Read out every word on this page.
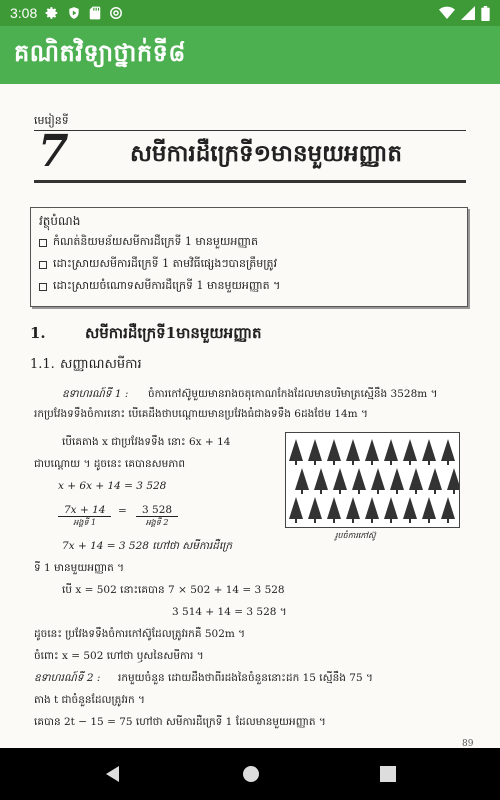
3:08
គណិតវិទ្យាថ្នាក់ទី៨
មេរៀនទី
7	សមីការដឺក្រេទី១មានមួយអញ្ញាត
វត្ថុបំណង
កំណត់និយមន័យសមីការដឺក្រេទី 1 មានមួយអញ្ញាត
ដោះស្រាយសមីការដឺក្រេទី 1 តាមវិធីផ្សេងៗបានត្រឹមត្រូវ
ដោះស្រាយចំណោទសមីការដឺក្រេទី 1 មានមួយអញ្ញាត ។
1.	សមីការដឺក្រេទី1មានមួយអញ្ញាត
1.1. សញ្ញាណសមីការ
ឧទាហរណ៍ទី 1 : ចំការកៅស៊ូមួយមានរាងចតុកោណកែងដែលមានបរិមាត្រស្មើនឹង 3528m ។
រកប្រវែងទទឹងចំការនោះ បើគេដឹងថាបណ្តោយមានប្រវែងធំជាងទទឹង 6ដងថែម 14m ។
បើគេតាង x ជាប្រវែងទទឹង នោះ 6x + 14
ជាបណ្តោយ ។ ដូចនេះ គេបានសមភាព
x + 6x + 14 = 3 528
7x + 14
អង្គទី 1
=	3 528
អង្គទី 2
7x + 14 = 3 528 ហៅថា សមីការដឺក្រេ
ទី 1 មានមួយអញ្ញាត ។
បើ x = 502 នោះគេបាន 7 × 502 + 14 = 3 528
3 514 + 14 = 3 528 ។
ដូចនេះ ប្រវែងទទឹងចំការកៅស៊ូដែលត្រូវរកគឺ 502m ។
ចំពោះ x = 502 ហៅថា ឫសនៃសមីការ ។
ឧទាហរណ៍ទី 2 : រកមួយចំនួន ដោយដឹងថាពីរដងនៃចំនួននោះដក 15 ស្មើនឹង 75 ។
តាង t ជាចំនួនដែលត្រូវរក ។
គេបាន 2t − 15 = 75 ហៅថា សមីការដឺក្រេទី 1 ដែលមានមួយអញ្ញាត ។
រូបចំការកៅស៊ូ
89
